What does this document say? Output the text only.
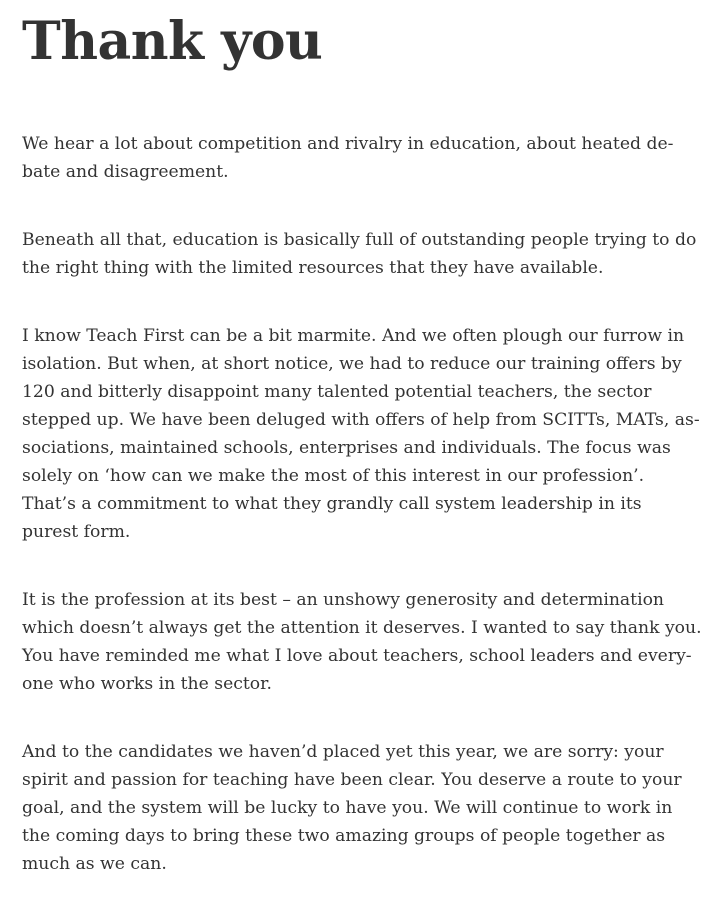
Thank you

We hear a lot about competition and rivalry in education, about heated de-
bate and disagreement.

Beneath all that, education is basically full of outstanding people trying to do
the right thing with the limited resources that they have available.

I know Teach First can be a bit marmite. And we often plough our furrow in
isolation. But when, at short notice, we had to reduce our training offers by
120 and bitterly disappoint many talented potential teachers, the sector
stepped up. We have been deluged with offers of help from SCITTs, MATs, as-
sociations, maintained schools, enterprises and individuals. The focus was
solely on ‘how can we make the most of this interest in our profession’.
That’s a commitment to what they grandly call system leadership in its
purest form.

It is the profession at its best – an unshowy generosity and determination
which doesn’t always get the attention it deserves. I wanted to say thank you.
You have reminded me what I love about teachers, school leaders and every-
one who works in the sector.

And to the candidates we haven’d placed yet this year, we are sorry: your
spirit and passion for teaching have been clear. You deserve a route to your
goal, and the system will be lucky to have you. We will continue to work in
the coming days to bring these two amazing groups of people together as
much as we can.
